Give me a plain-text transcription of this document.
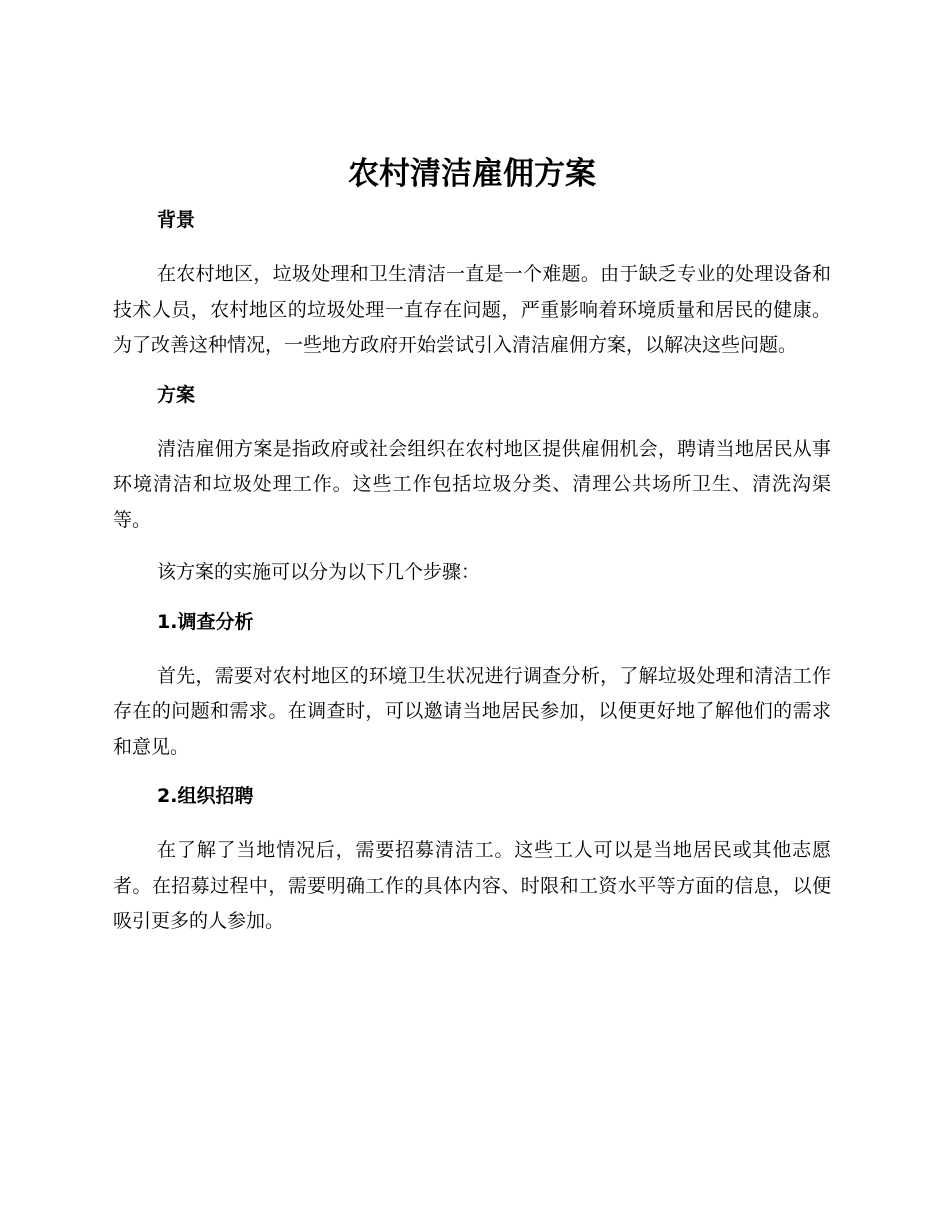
农村清洁雇佣方案
背景

在农村地区，垃圾处理和卫生清洁一直是一个难题。由于缺乏专业的处理设备和技术人员，农村地区的垃圾处理一直存在问题，严重影响着环境质量和居民的健康。为了改善这种情况，一些地方政府开始尝试引入清洁雇佣方案，以解决这些问题。

方案

清洁雇佣方案是指政府或社会组织在农村地区提供雇佣机会，聘请当地居民从事环境清洁和垃圾处理工作。这些工作包括垃圾分类、清理公共场所卫生、清洗沟渠等。

该方案的实施可以分为以下几个步骤：

1.调查分析

首先，需要对农村地区的环境卫生状况进行调查分析，了解垃圾处理和清洁工作存在的问题和需求。在调查时，可以邀请当地居民参加，以便更好地了解他们的需求和意见。

2.组织招聘

在了解了当地情况后，需要招募清洁工。这些工人可以是当地居民或其他志愿者。在招募过程中，需要明确工作的具体内容、时限和工资水平等方面的信息，以便吸引更多的人参加。
